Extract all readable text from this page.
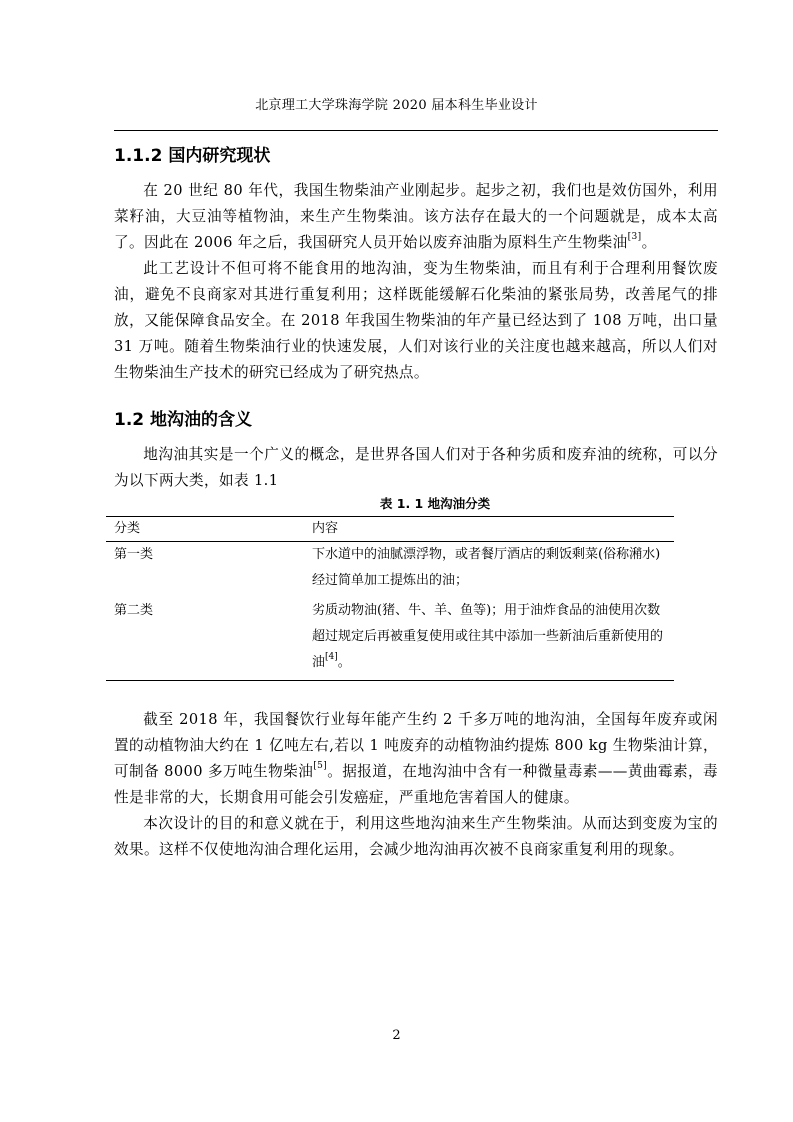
北京理工大学珠海学院 2020 届本科生毕业设计
1.1.2 国内研究现状

在 20 世纪 80 年代，我国生物柴油产业刚起步。起步之初，我们也是效仿国外，利用菜籽油，大豆油等植物油，来生产生物柴油。该方法存在最大的一个问题就是，成本太高了。因此在 2006 年之后，我国研究人员开始以废弃油脂为原料生产生物柴油[3]。

此工艺设计不但可将不能食用的地沟油，变为生物柴油，而且有利于合理利用餐饮废油，避免不良商家对其进行重复利用；这样既能缓解石化柴油的紧张局势，改善尾气的排放，又能保障食品安全。在 2018 年我国生物柴油的年产量已经达到了 108 万吨，出口量 31 万吨。随着生物柴油行业的快速发展，人们对该行业的关注度也越来越高，所以人们对生物柴油生产技术的研究已经成为了研究热点。

1.2 地沟油的含义

地沟油其实是一个广义的概念，是世界各国人们对于各种劣质和废弃油的统称，可以分为以下两大类，如表 1.1

表 1. 1 地沟油分类
分类	内容
第一类	下水道中的油腻漂浮物，或者餐厅酒店的剩饭剩菜(俗称潲水)经过简单加工提炼出的油；
第二类	劣质动物油(猪、牛、羊、鱼等)；用于油炸食品的油使用次数超过规定后再被重复使用或往其中添加一些新油后重新使用的油[4]。

截至 2018 年，我国餐饮行业每年能产生约 2 千多万吨的地沟油，全国每年废弃或闲置的动植物油大约在 1 亿吨左右,若以 1 吨废弃的动植物油约提炼 800 kg 生物柴油计算，可制备 8000 多万吨生物柴油[5]。据报道，在地沟油中含有一种微量毒素——黄曲霉素，毒性是非常的大，长期食用可能会引发癌症，严重地危害着国人的健康。

本次设计的目的和意义就在于，利用这些地沟油来生产生物柴油。从而达到变废为宝的效果。这样不仅使地沟油合理化运用，会减少地沟油再次被不良商家重复利用的现象。

2
